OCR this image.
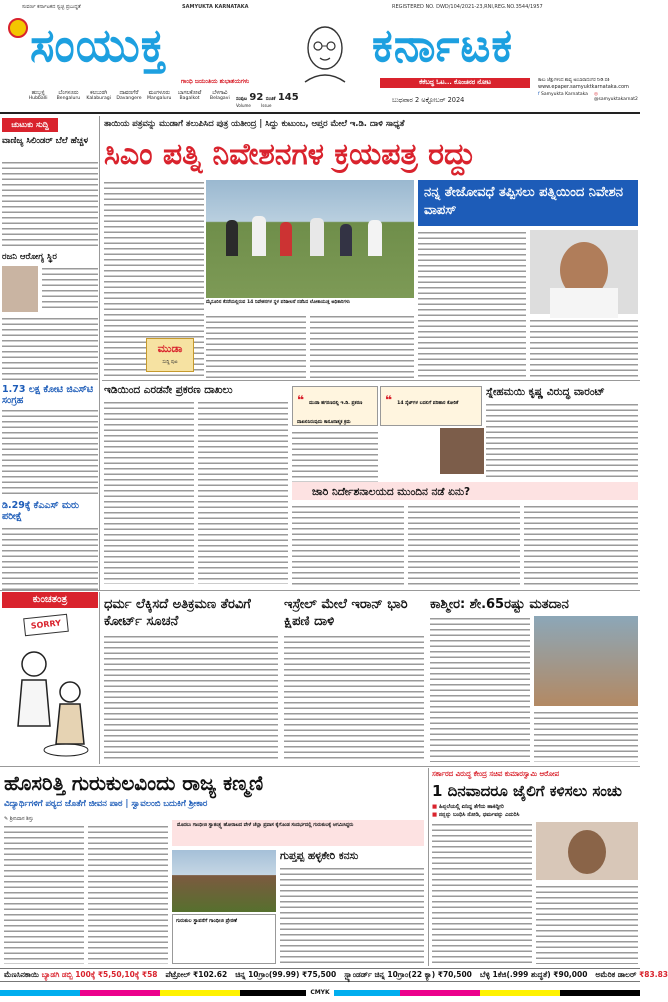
ಸುವರ್ಣ ಕರ್ನಾಟಕದ ಸ್ವಚ್ಛ ಪ್ರಬುದ್ಧತೆ	SAMYUKTA KARNATAKA	REGISTERED NO. DWD/104/2021-23,RNI,REG.NO.3544/1957
ಸಂಯುಕ್ತ	ಕರ್ನಾಟಕ
ಗಾಂಧಿ ಜಯಂತಿಯ ಶುಭಾಶಯಗಳು	ಕೆಕೆಬದ್ಧ ಓಟ... ಕೊಂಚನರ ನೋಟ	ಕಾಲು ಜೆತ್ತುಗಳಿಂದ ಶಾವ್ಯ ಅಂಬಾರಾದಂಗರ ನೀಡಿ ಪಕಿ
www.epaper.samyuktkarnataka.com
f Samyukta Karnataka ◎ @samyuktakarnat2
ಹುಬ್ಬಳ್ಳಿ
Hubballi
ಬೆಂಗಳೂರು
Bengaluru
ಕಲಬುರಗಿ
Kalaburagi
ದಾವಣಗೆರೆ
Davangere
ಮಂಗಳೂರು
Mangaluru
ಬಾಗಲಕೋಟೆ
Bagalkot
ಬೆಳಗಾವಿ
Belagavi	ಸಂಪುಟ 92 ಸಂಚಿಕೆ 145
Volume	Issue
ಬುಧವಾರ 2 ಅಕ್ಟೋಬರ್ 2024
ಚುಟುಕು ಸುದ್ದಿ
ವಾಣಿಜ್ಯ ಸಿಲಿಂಡರ್ ಬೆಲೆ ಹೆಚ್ಚಳ
ರಜನಿ ಆರೋಗ್ಯ ಸ್ಥಿರ
1.73 ಲಕ್ಷ ಕೋಟಿ ಜಿಎಸ್‌ಟಿ ಸಂಗ್ರಹ
ಡಿ.29ಕ್ಕೆ ಕೆಎಎಸ್ ಮರು ಪರೀಕ್ಷೆ
ತಾಯಿಯ ಪತ್ರವನ್ನು ಮುಡಾಗೆ ತಲುಪಿಸಿದ ಪುತ್ರ ಯತೀಂದ್ರ | ಸಿದ್ದು ಕುಟುಂಬ, ಆಪ್ತರ ಮೇಲೆ ಇ.ಡಿ. ದಾಳಿ ಸಾಧ್ಯತೆ
ಸಿಎಂ ಪತ್ನಿ ನಿವೇಶನಗಳ ಕ್ರಯಪತ್ರ ರದ್ದು
ಮೈಸೂರಿನ ಕೆಸರೆಯಲ್ಲಿರುವ 14 ನಿವೇಶನಗಳ ಸ್ಥಳ ಪರಿಶೀಲನೆ ನಡೆಸಿದ ಲೋಕಾಯುಕ್ತ ಅಧಿಕಾರಿಗಳು
ಮುಡಾ
ಸುದ್ದಿ ಪುಟ
ನನ್ನ ತೇಜೋವಧೆ ತಪ್ಪಿಸಲು ಪತ್ನಿಯಿಂದ ನಿವೇಶನ ವಾಪಸ್
ಇಡಿಯಿಂದ ಎರಡನೇ ಪ್ರಕರಣ ದಾಖಲು
❝ ಮುಡಾ ಹಗರಣದಲ್ಲಿ ಇ.ಡಿ. ಪ್ರಕರಣ ದಾಖಲಿಸಿರುವುದು ಕಾನೂನಾತ್ಮಕ ಕ್ರಮ
❝ 14 ಸೈಟ್‌ಗಳ ಬದಲಿಗೆ ಪರಿಹಾರ ಕೋರಿಕೆ
ಸ್ನೇಹಮಯಿ ಕೃಷ್ಣ ವಿರುದ್ಧ ವಾರಂಟ್
ಜಾರಿ ನಿರ್ದೇಶನಾಲಯದ ಮುಂದಿನ ನಡೆ ಏನು?
ಕುಂಚತಂತ್ರ
SORRY
ಧರ್ಮ ಲೆಕ್ಕಿಸದೆ ಅತಿಕ್ರಮಣ ತೆರವಿಗೆ ಕೋರ್ಟ್ ಸೂಚನೆ
ಇಸ್ರೇಲ್ ಮೇಲೆ ಇರಾನ್ ಭಾರಿ ಕ್ಷಿಪಣಿ ದಾಳಿ
ಕಾಶ್ಮೀರ: ಶೇ.65ರಷ್ಟು ಮತದಾನ
ಹೊಸರಿತ್ತಿ ಗುರುಕುಲವಿಂದು ರಾಜ್ಯ ಕಣ್ಮಣಿ
ವಿದ್ಯಾರ್ಥಿಗಳಿಗೆ ಪಠ್ಯದ ಜೊತೆಗೆ ಜೀವನ ಪಾಠ | ಸ್ವಾವಲಂಬಿ ಬದುಕಿಗೆ ಶ್ರೀಕಾರ
✎ ಶ್ರೀನಿವಾಸ ಶಿಸ್ತು
ಮೊದಲು ಗಾಂಧೀಜಿ ಸ್ವಾತಂತ್ರ್ಯ ಹೋರಾಟದ ವೇಳೆ ಜೆಲ್ಲಾ ಪ್ರವಾಸ ಕೈಗೊಂಡ ಸಂದರ್ಭದಲ್ಲಿ ಗುರುಕುಲಕ್ಕೆ ಆಗಮಿಸಿದ್ದರು
ಗುರುಕುಲ ಸ್ಥಾಪನೆಗೆ ಗಾಂಧೀಜಿ ಪ್ರೇರಣೆ
ಗುಪ್ತಪ್ಪ ಹಳ್ಳಕೇರಿ ಕನಸು
ಸರ್ಕಾರದ ವಿರುದ್ಧ ಕೇಂದ್ರ ಸಚಿವ ಕುಮಾರಸ್ವಾಮಿ ಆರೋಪ
1 ದಿನವಾದರೂ ಜೈಲಿಗೆ ಕಳಿಸಲು ಸಂಚು
■ ಹಿನ್ನಲೆಯಲ್ಲಿ ಏನಿದ್ದ ತೆಗೆದು ಹಾಕಿದ್ದೀರಿ
■ ನನ್ನನ್ನು ಬಂಧಿಸಿ ನೋಡಿ, ಧರ್ಮವನ್ನು ಎದುರಿಸಿ
ಮೆಣಸಿನಕಾಯಿ ಬ್ಯಾಡಗಿ ಡಬ್ಬಿ 100ಕ್ಕೆ ₹5,50,10ಕ್ಕೆ ₹58 ಪೆಟ್ರೋಲ್ ₹102.62 ಚಿನ್ನ 10ಗ್ರಾಂ(99.99) ₹75,500 ಸ್ಟ್ಯಾಂಡರ್ಡ್ ಚಿನ್ನ 10ಗ್ರಾಂ(22 ಕ್ಯಾ) ₹70,500 ಬೆಳ್ಳಿ 1ಕೆಜಿ(.999 ಶುದ್ಧತೆ) ₹90,000 ಅಮೆರಿಕ ಡಾಲರ್ ₹83.83
CMYK
